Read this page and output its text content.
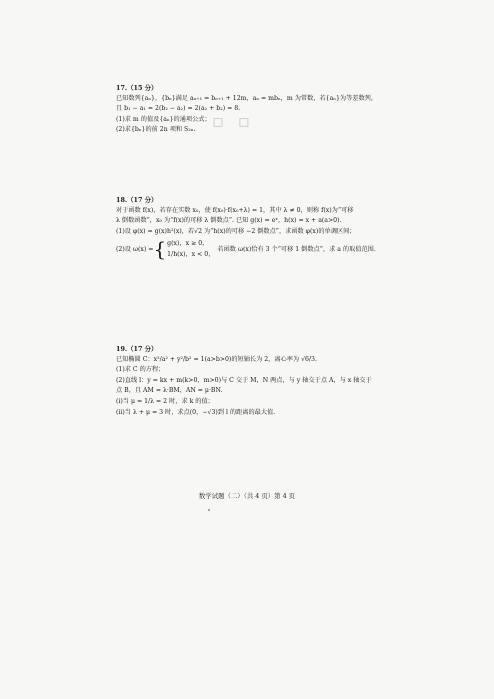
▫ ▫
17.（15 分）
已知数列{aₙ}，{bₙ}满足 aₙ₊₁ = bₙ₊₁ + 12m，aₙ = mbₙ，m 为常数，若{aₙ}为等差数列，
且 b₁ − a₁ = 2(b₂ − a₂) = 2(a₂ + b₂) = 8.
(1)求 m 的值及{aₙ}的通项公式；
(2)求{bₙ}的前 2n 项和 S₂ₙ.
18.（17 分）
对于函数 f(x)，若存在实数 x₀，使 f(x₀)·f(x₀+λ) = 1，其中 λ ≠ 0，则称 f(x)为“可移
λ 倒数函数”，x₀ 为“f(x)的可移 λ 倒数点”. 已知 g(x) = eˣ，h(x) = x + a(a>0).
(1)设 φ(x) = g(x)h²(x)，若√2 为“h(x)的可移 −2 倒数点”，求函数 φ(x)的单调区间；
(2)设 ω(x) = { g(x)，x ≥ 0，
1/h(x)，x < 0，
若函数 ω(x)恰有 3 个“可移 1 倒数点”，求 a 的取值范围.
19.（17 分）
已知椭圆 C：x²/a² + y²/b² = 1(a>b>0)的短轴长为 2，离心率为 √6/3.
(1)求 C 的方程；
(2)直线 l：y = kx + m(k>0，m>0)与 C 交于 M，N 两点，与 y 轴交于点 A，与 x 轴交于
点 B，且 AM = λ·BM，AN = μ·BN.
(ⅰ)当 μ = 1/λ = 2 时，求 k 的值；
(ⅱ)当 λ + μ = 3 时，求点(0，−√3)到 l 的距离的最大值.
数学试题（二）（共 4 页）第 4 页
